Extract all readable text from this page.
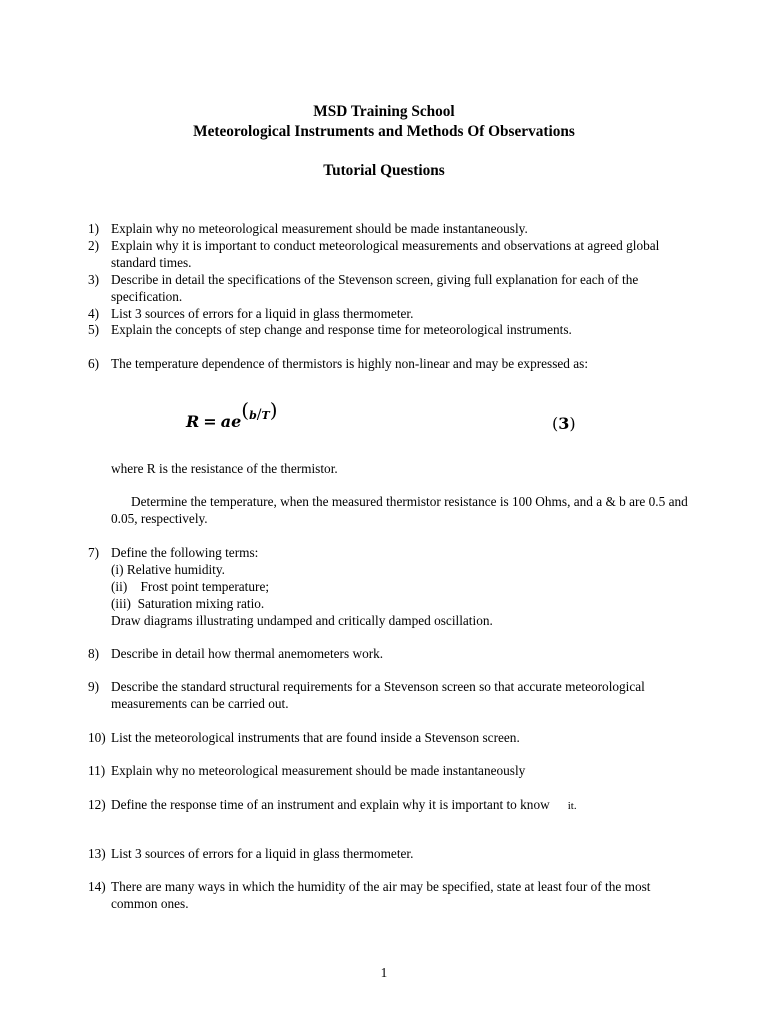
MSD Training School
Meteorological Instruments and Methods Of Observations
Tutorial Questions
1) Explain why no meteorological measurement should be made instantaneously.
2) Explain why it is important to conduct meteorological measurements and observations at agreed global standard times.
3) Describe in detail the specifications of the Stevenson screen, giving full explanation for each of the specification.
4) List 3 sources of errors for a liquid in glass thermometer.
5) Explain the concepts of step change and response time for meteorological instruments.
6) The temperature dependence of thermistors is highly non-linear and may be expressed as:
$R = ae^{(b/T)}$
(3)
where R is the resistance of the thermistor.
Determine the temperature, when the measured thermistor resistance is 100 Ohms, and a & b are 0.5 and 0.05, respectively.
7) Define the following terms:
(i) Relative humidity.
(ii)    Frost point temperature;
(iii)  Saturation mixing ratio.
Draw diagrams illustrating undamped and critically damped oscillation.
8) Describe in detail how thermal anemometers work.
9) Describe the standard structural requirements for a Stevenson screen so that accurate meteorological measurements can be carried out.
10) List the meteorological instruments that are found inside a Stevenson screen.
11) Explain why no meteorological measurement should be made instantaneously
12) Define the response time of an instrument and explain why it is important to know it.
13) List 3 sources of errors for a liquid in glass thermometer.
14) There are many ways in which the humidity of the air may be specified, state at least four of the most common ones.
1
